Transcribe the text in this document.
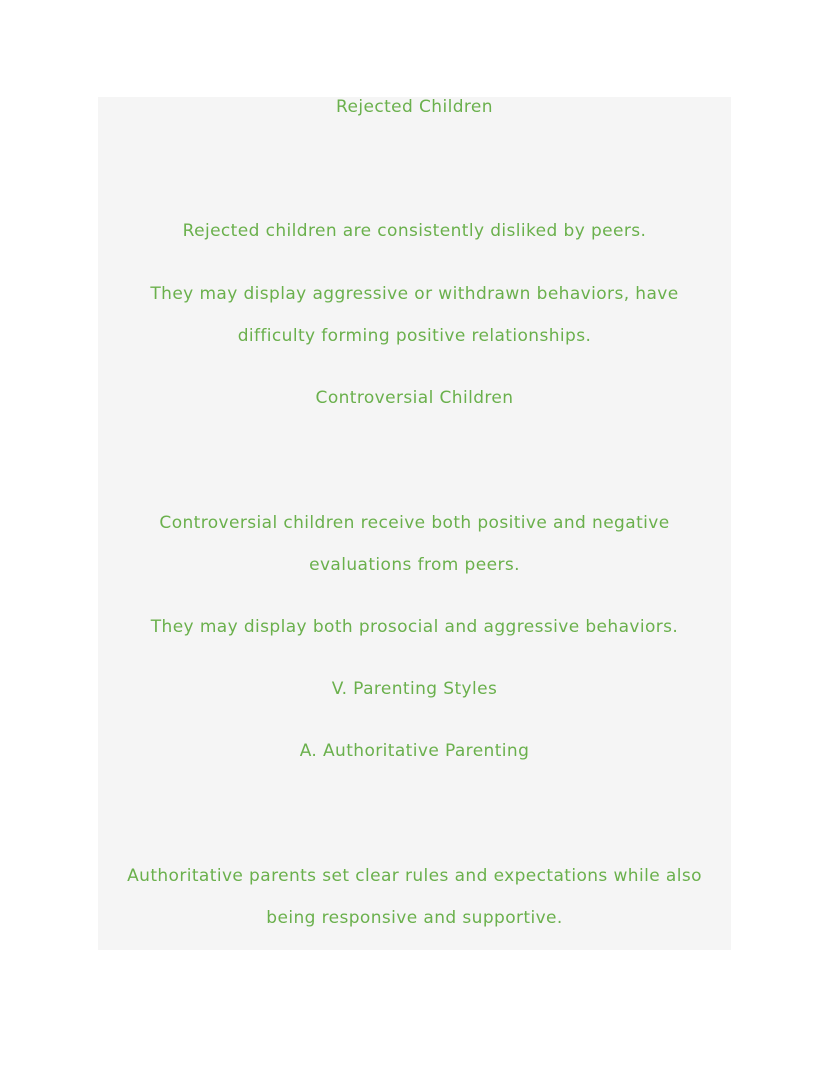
Rejected Children
Rejected children are consistently disliked by peers.
They may display aggressive or withdrawn behaviors, have
difficulty forming positive relationships.
Controversial Children
Controversial children receive both positive and negative
evaluations from peers.
They may display both prosocial and aggressive behaviors.
V. Parenting Styles
A. Authoritative Parenting
Authoritative parents set clear rules and expectations while also
being responsive and supportive.
